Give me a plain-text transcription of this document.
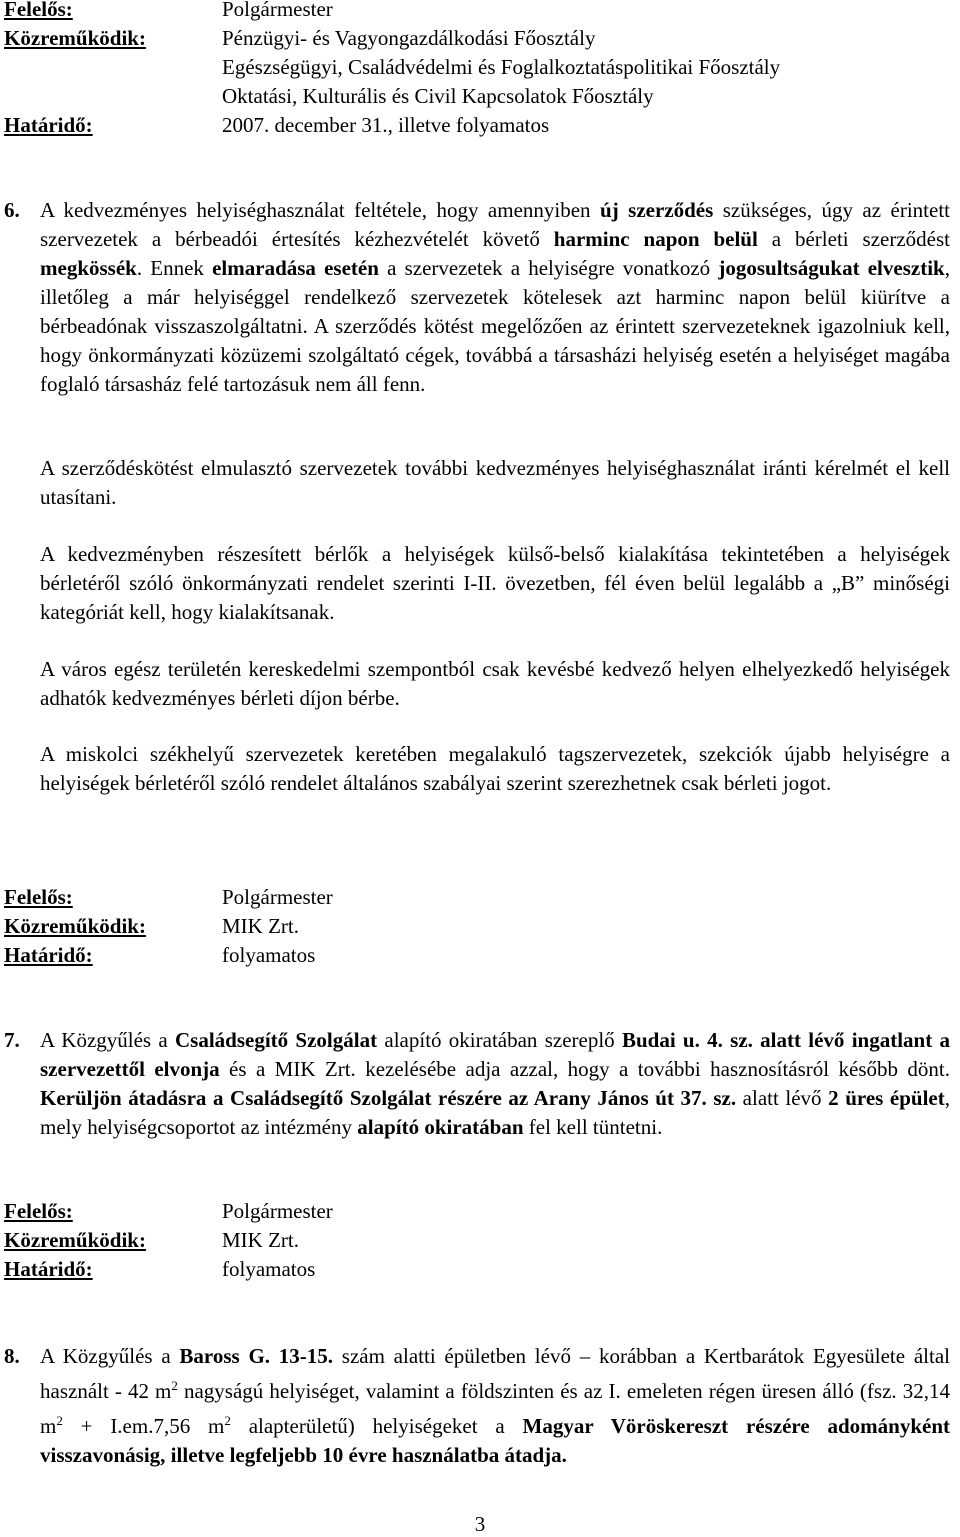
Felelős:	Polgármester
Közreműködik:	Pénzügyi- és Vagyongazdálkodási Főosztály
Egészségügyi, Családvédelmi és Foglalkoztatáspolitikai Főosztály
Oktatási, Kulturális és Civil Kapcsolatok Főosztály
Határidő:	2007. december 31., illetve folyamatos
6. A kedvezményes helyiséghasználat feltétele, hogy amennyiben új szerződés szükséges, úgy az érintett szervezetek a bérbeadói értesítés kézhezvételét követő harminc napon belül a bérleti szerződést megkössék. Ennek elmaradása esetén a szervezetek a helyiségre vonatkozó jogosultságukat elvesztik, illetőleg a már helyiséggel rendelkező szervezetek kötelesek azt harminc napon belül kiürítve a bérbeadónak visszaszolgáltatni. A szerződés kötést megelőzően az érintett szervezeteknek igazolniuk kell, hogy önkormányzati közüzemi szolgáltató cégek, továbbá a társasházi helyiség esetén a helyiséget magába foglaló társasház felé tartozásuk nem áll fenn.
A szerződéskötést elmulasztó szervezetek további kedvezményes helyiséghasználat iránti kérelmét el kell utasítani.
A kedvezményben részesített bérlők a helyiségek külső-belső kialakítása tekintetében a helyiségek bérletéről szóló önkormányzati rendelet szerinti I-II. övezetben, fél éven belül legalább a „B” minőségi kategóriát kell, hogy kialakítsanak.
A város egész területén kereskedelmi szempontból csak kevésbé kedvező helyen elhelyezkedő helyiségek adhatók kedvezményes bérleti díjon bérbe.
A miskolci székhelyű szervezetek keretében megalakuló tagszervezetek, szekciók újabb helyiségre a helyiségek bérletéről szóló rendelet általános szabályai szerint szerezhetnek csak bérleti jogot.
Felelős:	Polgármester
Közreműködik:	MIK Zrt.
Határidő:	folyamatos
7. A Közgyűlés a Családsegítő Szolgálat alapító okiratában szereplő Budai u. 4. sz. alatt lévő ingatlant a szervezettől elvonja és a MIK Zrt. kezelésébe adja azzal, hogy a további hasznosításról később dönt. Kerüljön átadásra a Családsegítő Szolgálat részére az Arany János út 37. sz. alatt lévő 2 üres épület, mely helyiségcsoportot az intézmény alapító okiratában fel kell tüntetni.
Felelős:	Polgármester
Közreműködik:	MIK Zrt.
Határidő:	folyamatos
8. A Közgyűlés a Baross G. 13-15. szám alatti épületben lévő – korábban a Kertbarátok Egyesülete által használt - 42 $m^2$ nagyságú helyiséget, valamint a földszinten és az I. emeleten régen üresen álló (fsz. 32,14 $m^2 + I.em.7,56$ $m^2$ alapterületű) helyiségeket a Magyar Vöröskereszt részére adományként visszavonásig, illetve legfeljebb 10 évre használatba átadja.
3
